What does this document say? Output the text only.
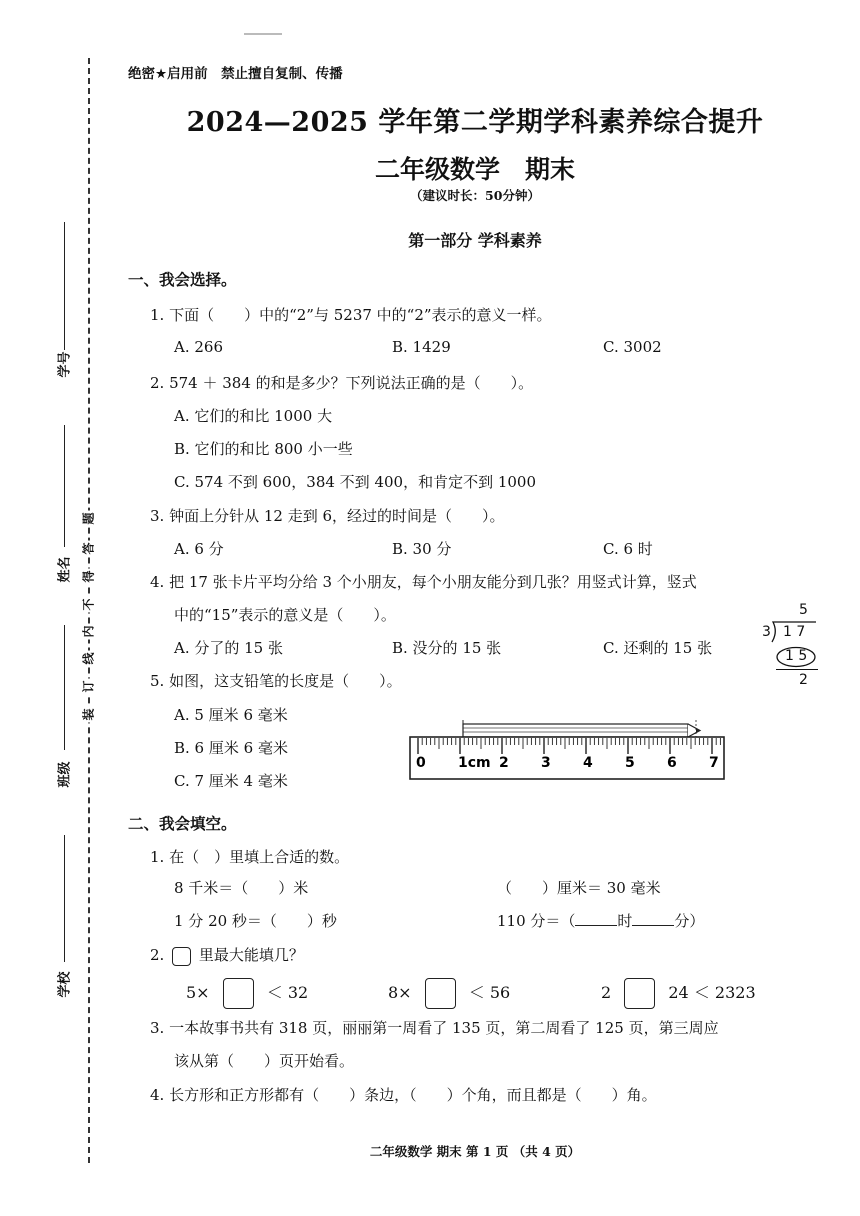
学号
姓名
班级
学校
题
答
得
不
内
线
订
装
绝密★启用前　禁止擅自复制、传播
2024—2025 学年第二学期学科素养综合提升
二年级数学　期末
（建议时长：50分钟）
第一部分 学科素养
一、我会选择。
1. 下面（　　）中的“2”与 5237 中的“2”表示的意义一样。
A. 266	B. 1429	C. 3002
2. 574 ＋ 384 的和是多少？下列说法正确的是（　　）。
A. 它们的和比 1000 大
B. 它们的和比 800 小一些
C. 574 不到 600，384 不到 400，和肯定不到 1000
3. 钟面上分针从 12 走到 6，经过的时间是（　　）。
A. 6 分	B. 30 分	C. 6 时
4. 把 17 张卡片平均分给 3 个小朋友，每个小朋友能分到几张？用竖式计算，竖式
中的“15”表示的意义是（　　）。
A. 分了的 15 张	B. 没分的 15 张	C. 还剩的 15 张
5
3 1 7
1 5
2
5. 如图，这支铅笔的长度是（　　）。
A. 5 厘米 6 毫米
B. 6 厘米 6 毫米
C. 7 厘米 4 毫米
0 1cm 2 3 4 5 6 7
二、我会填空。
1. 在（　）里填上合适的数。
8 千米＝（　　）米	（　　）厘米＝ 30 毫米
1 分 20 秒＝（　　）秒	110 分＝（	时	分）
2. 里最大能填几？
5×	＜ 32	8×	＜ 56	2	24 ＜ 2323
3. 一本故事书共有 318 页，丽丽第一周看了 135 页，第二周看了 125 页，第三周应
该从第（　　）页开始看。
4. 长方形和正方形都有（　　）条边，（　　）个角，而且都是（　　）角。
二年级数学 期末 第 1 页 （共 4 页）
